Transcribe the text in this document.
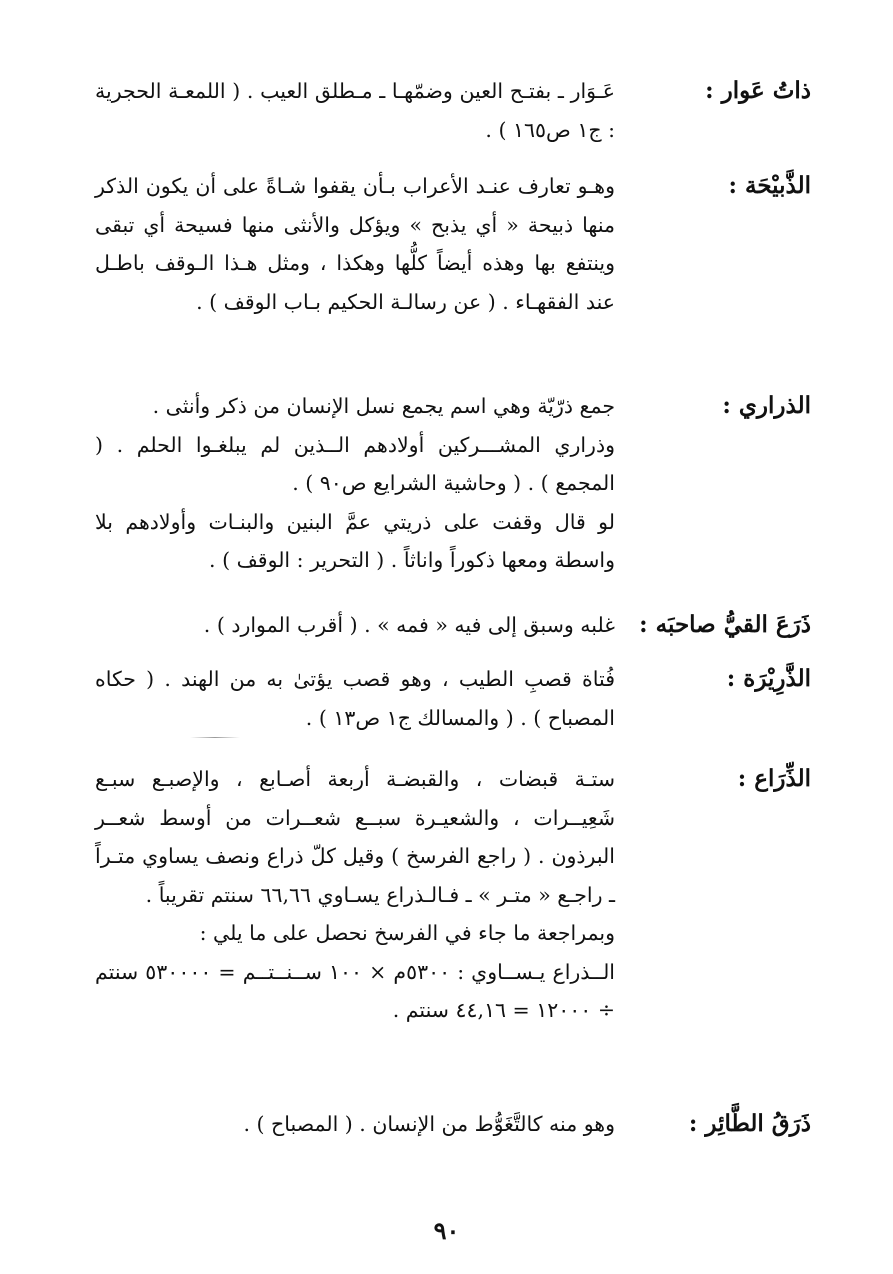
ذاتُ عَوار :

عَـوَار ـ بفتـح العين وضمّهـا ـ مـطلق العيب . ( اللمعـة الحجرية : ج١ ص١٦٥ ) .

الذَّبيْحَة :

وهـو تعارف عنـد الأعراب بـأن يقفوا شـاةً على أن يكون الذكر منها ذبيحة « أي يذبح » ويؤكل والأنثى منها فسيحة أي تبقى وينتفع بها وهذه أيضاً كلُّها وهكذا ، ومثل هـذا الـوقف باطـل عند الفقهـاء . ( عن رسالـة الحكيم بـاب الوقف ) .

الذراري :

جمع ذرّيّة وهي اسم يجمع نسل الإنسان من ذكر وأنثى .

وذراري المشـــركين أولادهم الــذين لم يبلغـوا الحلم . ( المجمع ) . ( وحاشية الشرايع ص٩٠ ) .

لو قال وقفت على ذريتي عمَّ البنين والبنـات وأولادهم بلا واسطة ومعها ذكوراً واناثاً . ( التحرير : الوقف ) .

ذَرَعَ القيُّ صاحبَه :

غلبه وسبق إلى فيه « فمه » . ( أقرب الموارد ) .

الذَّرِيْرَة :

فُتاة قصبِ الطيب ، وهو قصب يؤتىٰ به من الهند . ( حكاه المصباح ) . ( والمسالك ج١ ص١٣ ) .

الذِّرَاع :

ستـة قبضات ، والقبضـة أربعة أصـابع ، والإصبـع سبـع شَعِيــرات ، والشعيـرة سبــع شعــرات من أوسط شعــر البرذون . ( راجع الفرسخ ) وقيل كلّ ذراع ونصف يساوي متـراً ـ راجـع « متـر » ـ فـالـذراع يسـاوي ٦٦,٦٦ سنتم تقريباً .

وبمراجعة ما جاء في الفرسخ نحصل على ما يلي :

الــذراع يـســاوي : ٥٣٠٠م × ١٠٠ ســنــتــم = ٥٣٠٠٠٠ سنتم ÷ ١٢٠٠٠ = ٤٤,١٦ سنتم .

ذَرَقُ الطَّائِر :

وهو منه كالتَّغَوُّط من الإنسان . ( المصباح ) .

٩٠
